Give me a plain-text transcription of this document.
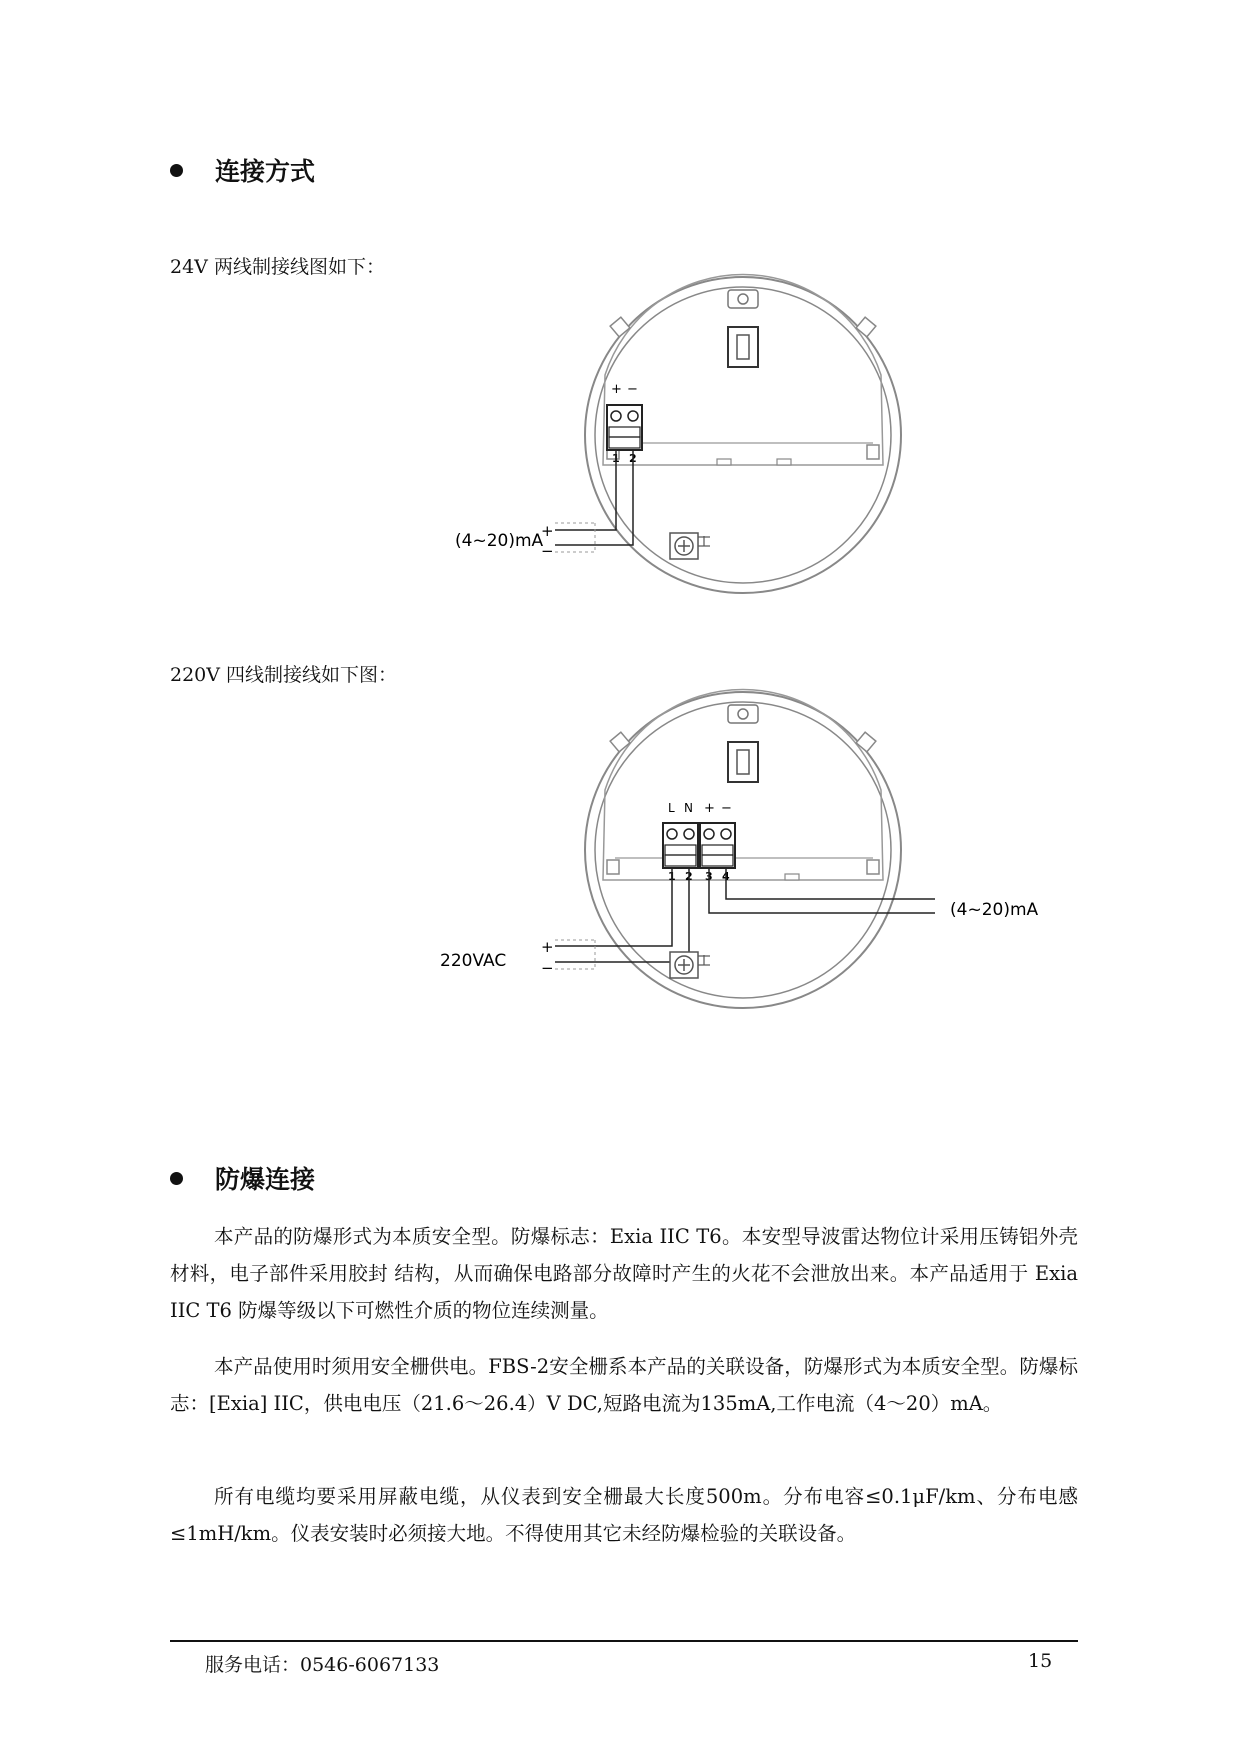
连接方式
24V 两线制接线图如下：
+ −
1 2
(4~20)mA
+
−
220V 四线制接线如下图：
L N + −
1 2 3 4
(4~20)mA
220VAC
+
−
防爆连接

本产品的防爆形式为本质安全型。防爆标志：Exia IIC T6。本安型导波雷达物位计采用压铸铝外壳材料，电子部件采用胶封 结构，从而确保电路部分故障时产生的火花不会泄放出来。本产品适用于 Exia IIC T6 防爆等级以下可燃性介质的物位连续测量。

本产品使用时须用安全栅供电。FBS-2安全栅系本产品的关联设备，防爆形式为本质安全型。防爆标志：[Exia] IIC，供电电压（21.6～26.4）V DC,短路电流为135mA,工作电流（4～20）mA。

所有电缆均要采用屏蔽电缆，从仪表到安全栅最大长度500m。分布电容≤0.1μF/km、分布电感≤1mH/km。仪表安装时必须接大地。不得使用其它未经防爆检验的关联设备。

服务电话：0546-6067133	15
